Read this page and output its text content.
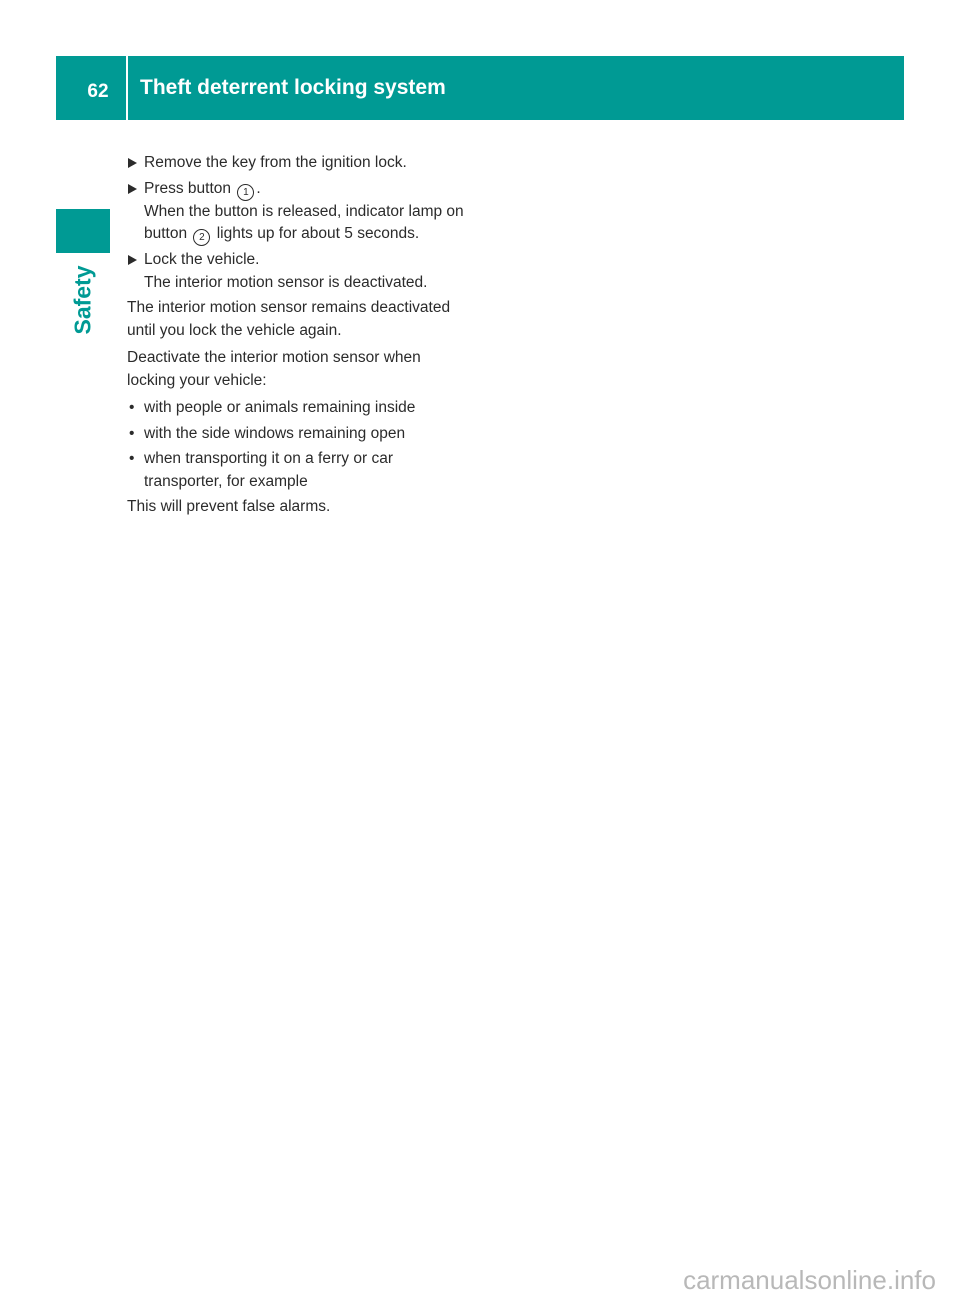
62	Theft deterrent locking system
Safety
Remove the key from the ignition lock.
Press button 1 .
When the button is released, indicator lamp on button 2 lights up for about 5 seconds.
Lock the vehicle.
The interior motion sensor is deactivated.
The interior motion sensor remains deactivated until you lock the vehicle again.
Deactivate the interior motion sensor when locking your vehicle:
• with people or animals remaining inside
• with the side windows remaining open
• when transporting it on a ferry or car transporter, for example
This will prevent false alarms.
carmanualsonline.info
